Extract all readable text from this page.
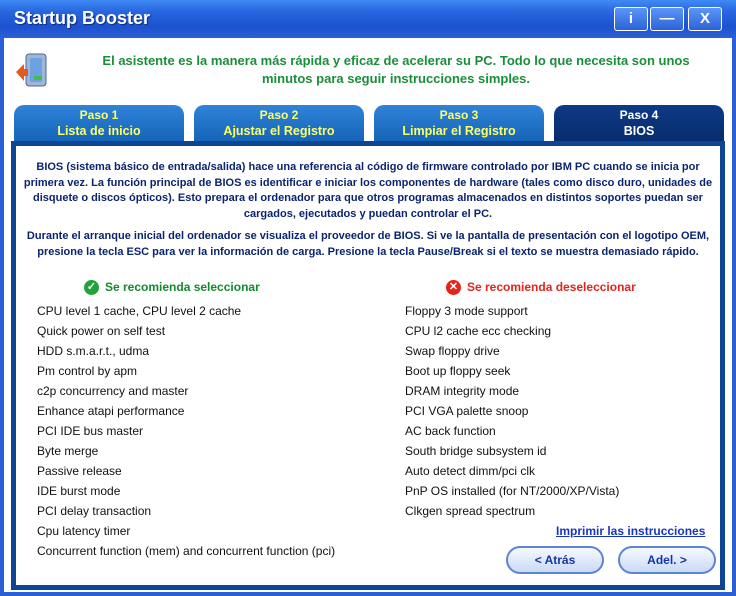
Startup Booster	i	—	X
El asistente es la manera más rápida y eficaz de acelerar su PC. Todo lo que necesita son unos minutos para seguir instrucciones simples.
Paso 1
Lista de inicio
Paso 2
Ajustar el Registro
Paso 3
Limpiar el Registro
Paso 4
BIOS
BIOS (sistema básico de entrada/salida) hace una referencia al código de firmware controlado por IBM PC cuando se inicia por primera vez. La función principal de BIOS es identificar e iniciar los componentes de hardware (tales como disco duro, unidades de disquete o discos ópticos). Esto prepara el ordenador para que otros programas almacenados en distintos soportes puedan ser cargados, ejecutados y puedan controlar el PC.
Durante el arranque inicial del ordenador se visualiza el proveedor de BIOS. Si ve la pantalla de presentación con el logotipo OEM, presione la tecla ESC para ver la información de carga. Presione la tecla Pause/Break si el texto se muestra demasiado rápido.
✓ Se recomienda seleccionar	✕ Se recomienda deseleccionar
CPU level 1 cache, CPU level 2 cache
Quick power on self test
HDD s.m.a.r.t., udma
Pm control by apm
c2p concurrency and master
Enhance atapi performance
PCI IDE bus master
Byte merge
Passive release
IDE burst mode
PCI delay transaction
Cpu latency timer
Concurrent function (mem) and concurrent function (pci)
Floppy 3 mode support
CPU l2 cache ecc checking
Swap floppy drive
Boot up floppy seek
DRAM integrity mode
PCI VGA palette snoop
AC back function
South bridge subsystem id
Auto detect dimm/pci clk
PnP OS installed (for NT/2000/XP/Vista)
Clkgen spread spectrum
Imprimir las instrucciones
< Atrás	Adel. >
